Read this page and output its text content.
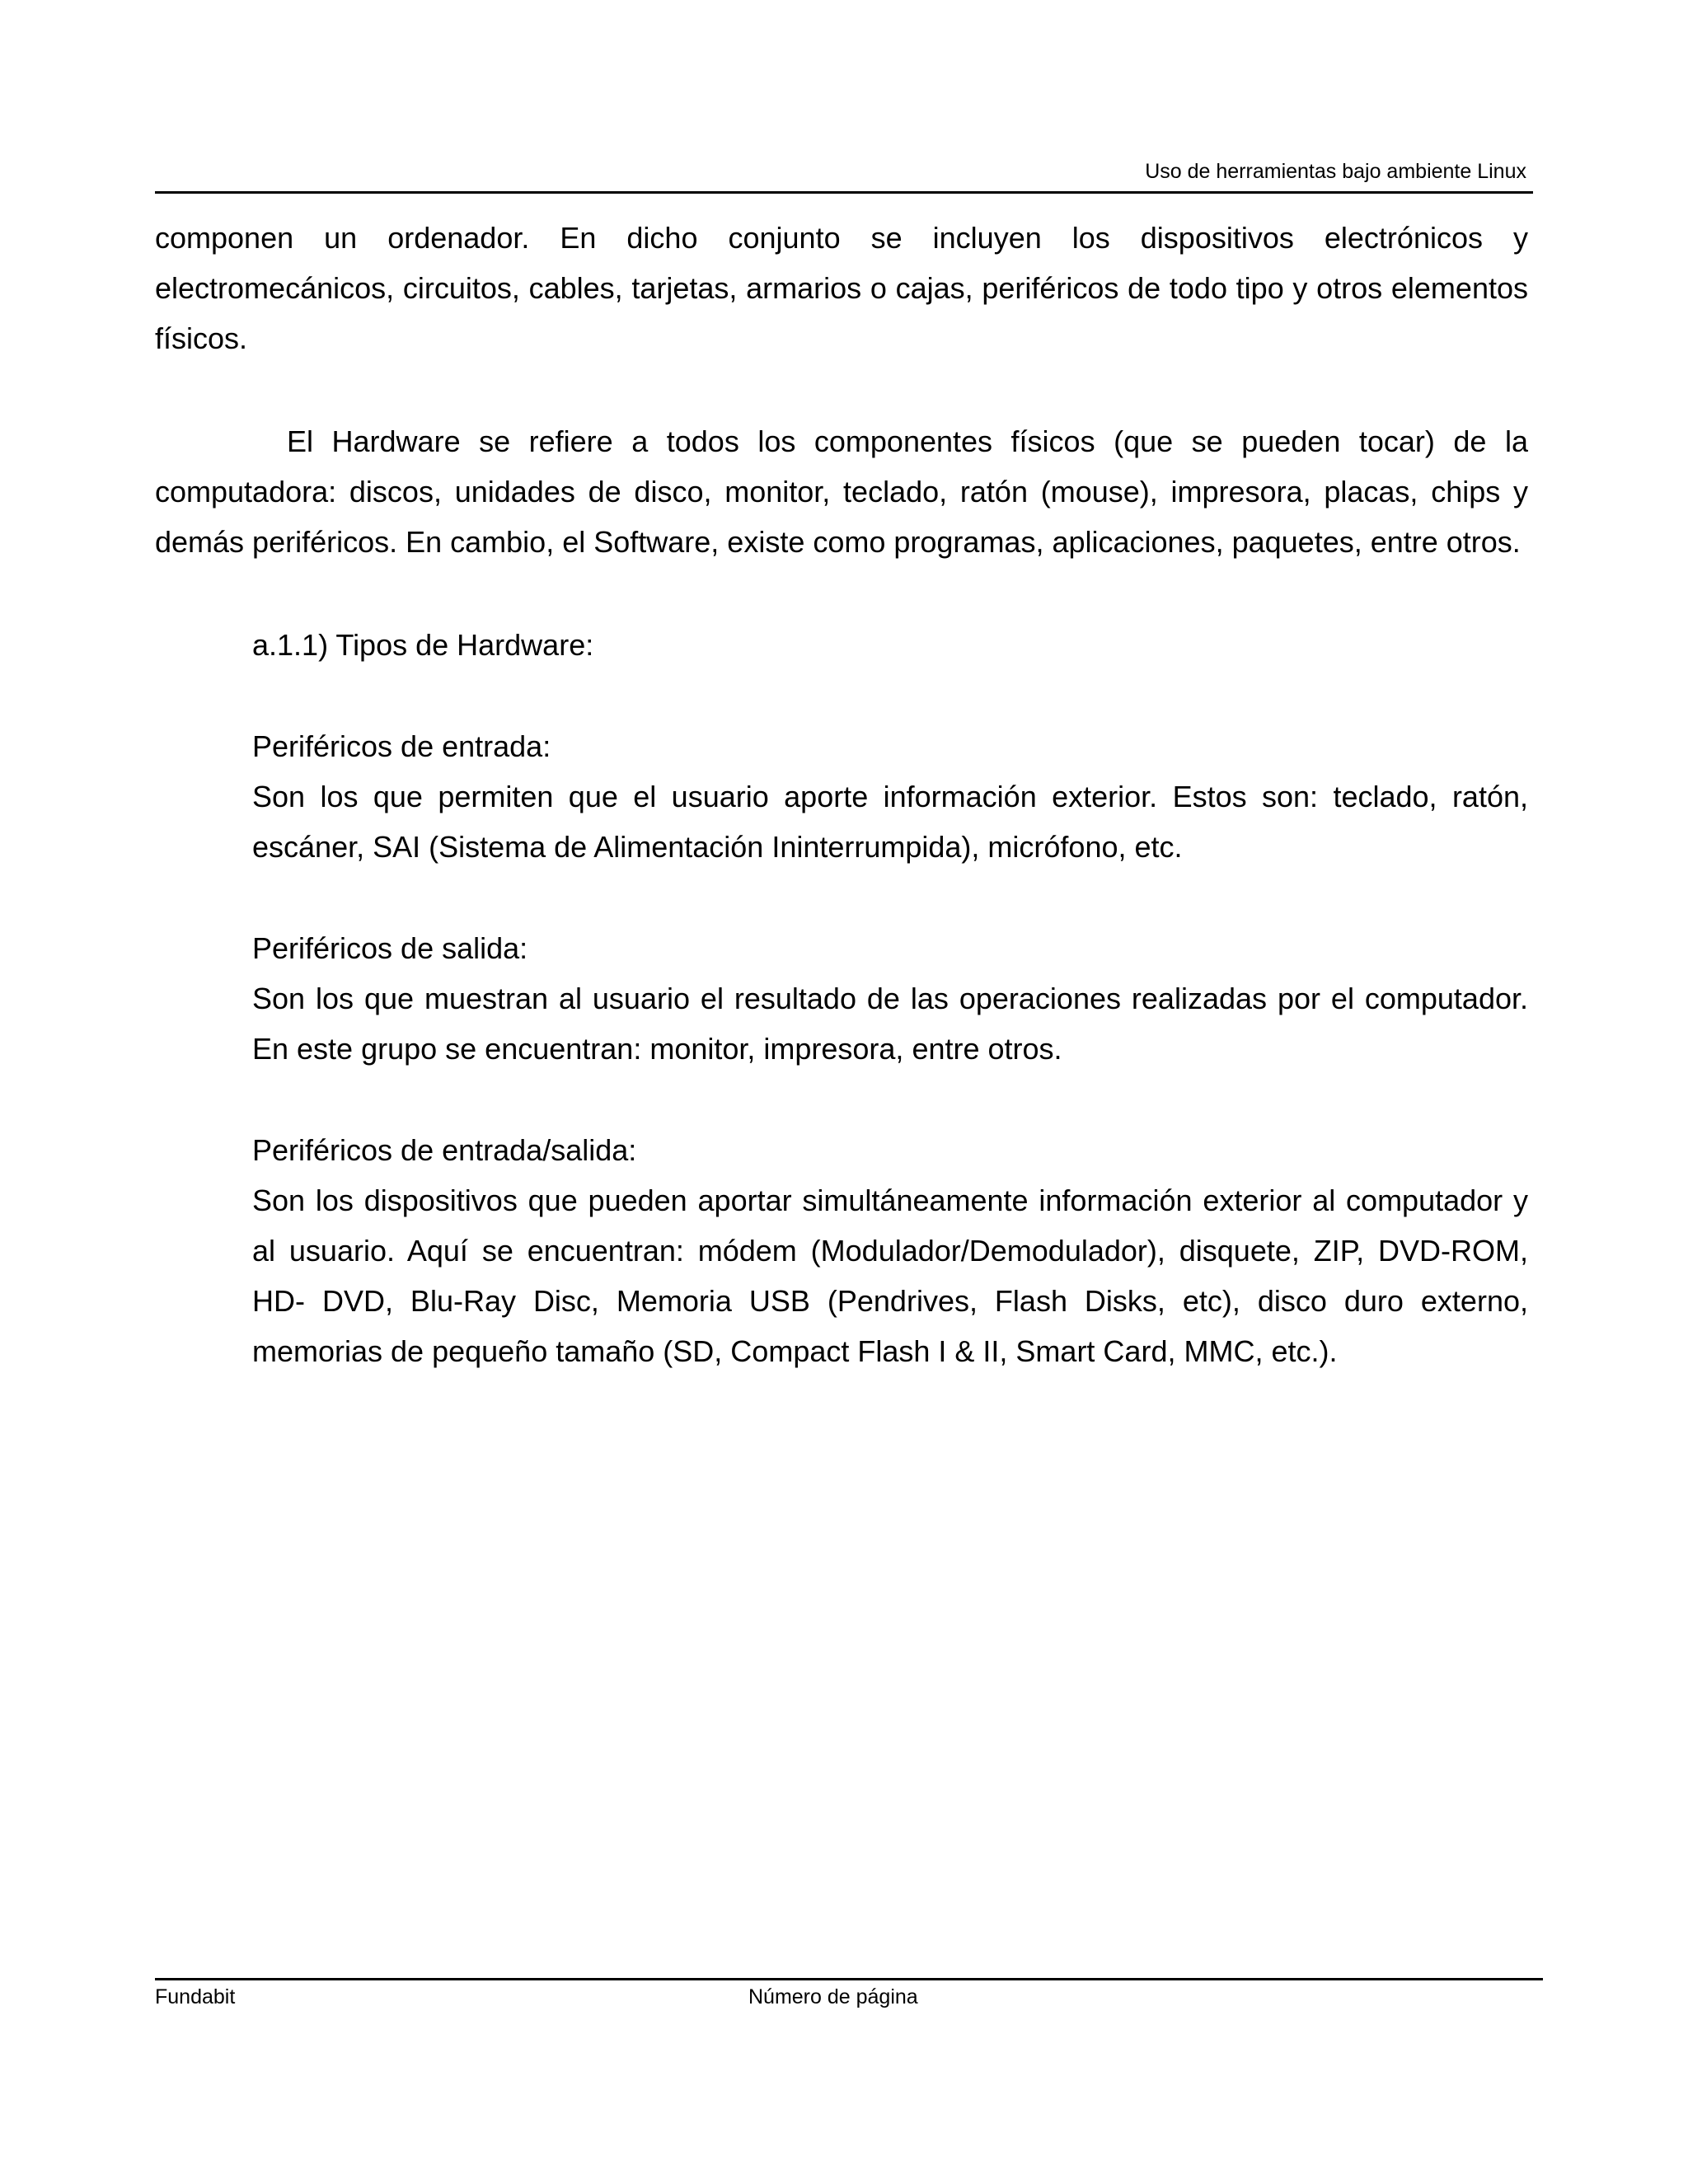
Uso de herramientas bajo ambiente Linux

componen un ordenador. En dicho conjunto se incluyen los dispositivos electrónicos y electromecánicos, circuitos, cables, tarjetas, armarios o cajas, periféricos de todo tipo y otros elementos físicos.

El Hardware se refiere a todos los componentes físicos (que se pueden tocar) de la computadora: discos, unidades de disco, monitor, teclado, ratón (mouse), impresora, placas, chips y demás periféricos. En cambio, el Software, existe como programas, aplicaciones, paquetes, entre otros.

a.1.1) Tipos de Hardware:

Periféricos de entrada:

Son los que permiten que el usuario aporte información exterior. Estos son: teclado, ratón, escáner, SAI (Sistema de Alimentación Ininterrumpida), micrófono, etc.

Periféricos de salida:

Son los que muestran al usuario el resultado de las operaciones realizadas por el computador. En este grupo se encuentran: monitor, impresora, entre otros.

Periféricos de entrada/salida:

Son los dispositivos que pueden aportar simultáneamente información exterior al computador y al usuario. Aquí se encuentran: módem (Modulador/Demodulador), disquete, ZIP, DVD-ROM, HD- DVD, Blu-Ray Disc, Memoria USB (Pendrives, Flash Disks, etc), disco duro externo, memorias de pequeño tamaño (SD, Compact Flash I & II, Smart Card, MMC, etc.).

Fundabit	Número de página
